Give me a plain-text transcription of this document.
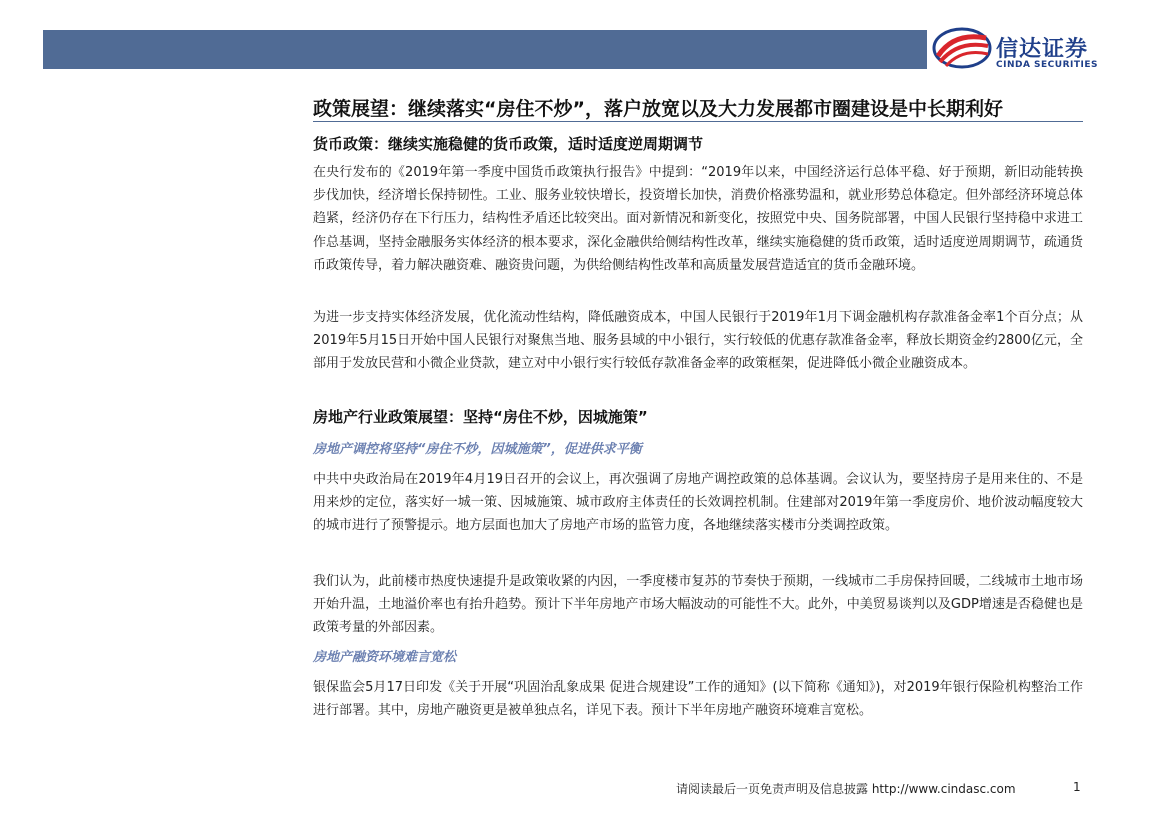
信达证券
CINDA SECURITIES
政策展望：继续落实“房住不炒”，落户放宽以及大力发展都市圈建设是中长期利好
货币政策：继续实施稳健的货币政策，适时适度逆周期调节
在央行发布的《2019年第一季度中国货币政策执行报告》中提到：“2019年以来，中国经济运行总体平稳、好于预期，新旧动能转换步伐加快，经济增长保持韧性。工业、服务业较快增长，投资增长加快，消费价格涨势温和，就业形势总体稳定。但外部经济环境总体趋紧，经济仍存在下行压力，结构性矛盾还比较突出。面对新情况和新变化，按照党中央、国务院部署，中国人民银行坚持稳中求进工作总基调，坚持金融服务实体经济的根本要求，深化金融供给侧结构性改革，继续实施稳健的货币政策，适时适度逆周期调节，疏通货币政策传导，着力解决融资难、融资贵问题，为供给侧结构性改革和高质量发展营造适宜的货币金融环境。
为进一步支持实体经济发展，优化流动性结构，降低融资成本，中国人民银行于2019年1月下调金融机构存款准备金率1个百分点；从2019年5月15日开始中国人民银行对聚焦当地、服务县域的中小银行，实行较低的优惠存款准备金率，释放长期资金约2800亿元，全部用于发放民营和小微企业贷款，建立对中小银行实行较低存款准备金率的政策框架，促进降低小微企业融资成本。
房地产行业政策展望：坚持“房住不炒，因城施策”
房地产调控将坚持“房住不炒，因城施策”，促进供求平衡
中共中央政治局在2019年4月19日召开的会议上，再次强调了房地产调控政策的总体基调。会议认为，要坚持房子是用来住的、不是用来炒的定位，落实好一城一策、因城施策、城市政府主体责任的长效调控机制。住建部对2019年第一季度房价、地价波动幅度较大的城市进行了预警提示。地方层面也加大了房地产市场的监管力度，各地继续落实楼市分类调控政策。
我们认为，此前楼市热度快速提升是政策收紧的内因，一季度楼市复苏的节奏快于预期，一线城市二手房保持回暖，二线城市土地市场开始升温，土地溢价率也有抬升趋势。预计下半年房地产市场大幅波动的可能性不大。此外，中美贸易谈判以及GDP增速是否稳健也是政策考量的外部因素。
房地产融资环境难言宽松
银保监会5月17日印发《关于开展“巩固治乱象成果 促进合规建设”工作的通知》(以下简称《通知》)，对2019年银行保险机构整治工作进行部署。其中，房地产融资更是被单独点名，详见下表。预计下半年房地产融资环境难言宽松。
请阅读最后一页免责声明及信息披露 http://www.cindasc.com	1
